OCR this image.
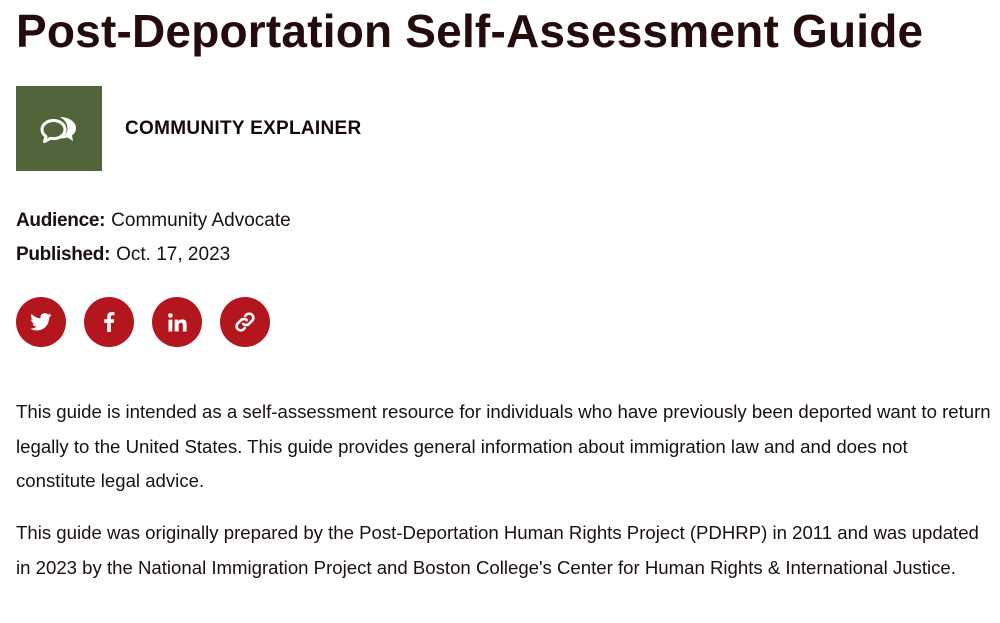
Post-Deportation Self-Assessment Guide
COMMUNITY EXPLAINER
Audience: Community Advocate
Published: Oct. 17, 2023

This guide is intended as a self-assessment resource for individuals who have previously been deported want to return legally to the United States. This guide provides general information about immigration law and and does not constitute legal advice.

This guide was originally prepared by the Post-Deportation Human Rights Project (PDHRP) in 2011 and was updated in 2023 by the National Immigration Project and Boston College's Center for Human Rights & International Justice.
